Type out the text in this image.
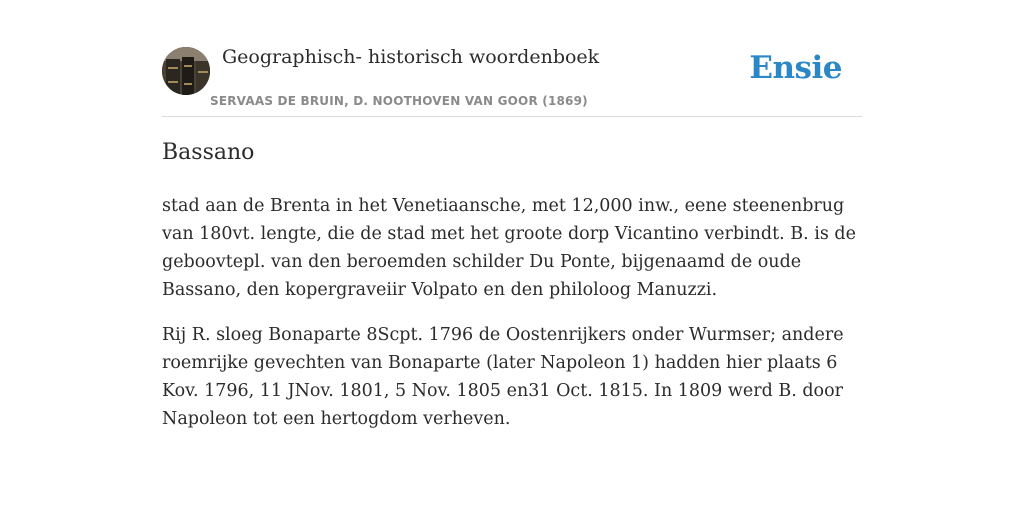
Geographisch- historisch woordenboek
SERVAAS DE BRUIN, D. NOOTHOVEN VAN GOOR (1869)
Ensie
Bassano

stad aan de Brenta in het Venetiaansche, met 12,000 inw., eene steenenbrug van 180vt. lengte, die de stad met het groote dorp Vicantino verbindt. B. is de geboovtepl. van den beroemden schilder Du Ponte, bijgenaamd de oude Bassano, den kopergraveiir Volpato en den philoloog Manuzzi.

Rij R. sloeg Bonaparte 8Scpt. 1796 de Oostenrijkers onder Wurmser; andere roemrijke gevechten van Bonaparte (later Napoleon 1) hadden hier plaats 6 Kov. 1796, 11 JNov. 1801, 5 Nov. 1805 en31 Oct. 1815. In 1809 werd B. door Napoleon tot een hertogdom verheven.
